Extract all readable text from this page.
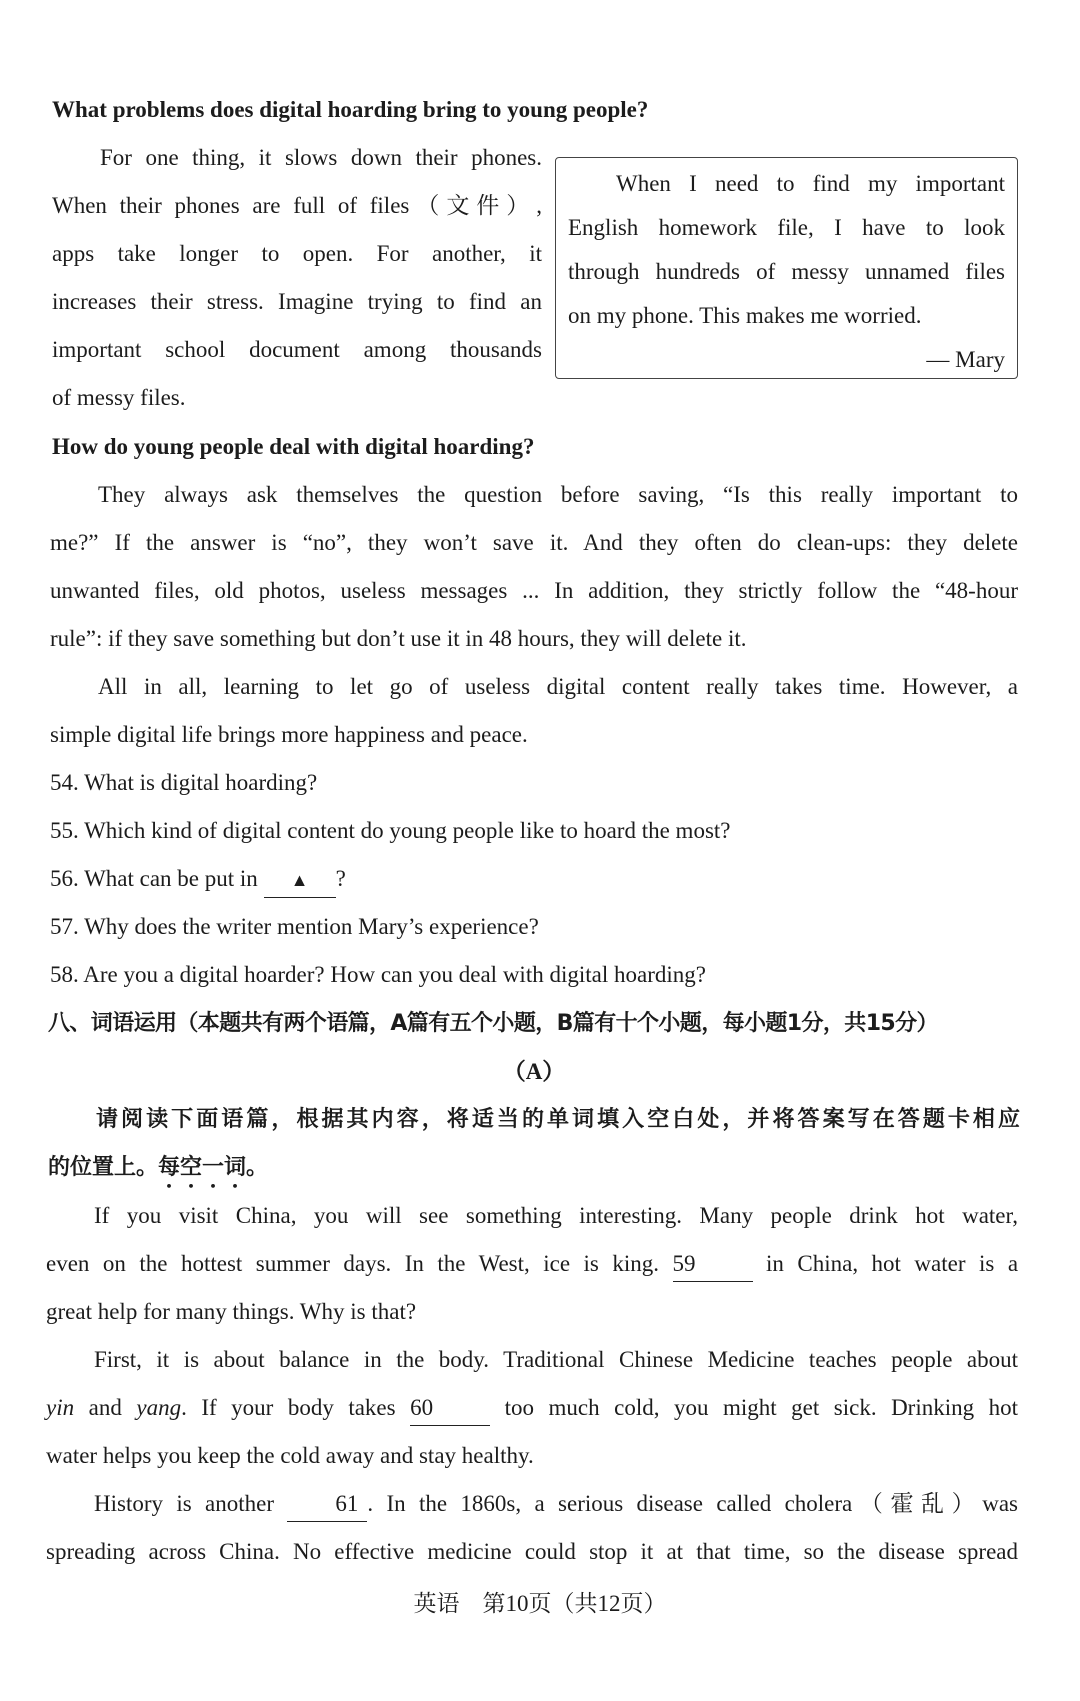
What problems does digital hoarding bring to young people?
For one thing, it slows down their phones.
When their phones are full of files（文件）,
apps take longer to open. For another, it
increases their stress. Imagine trying to find an
important school document among thousands
of messy files.
When I need to find my important
English homework file, I have to look
through hundreds of messy unnamed files
on my phone. This makes me worried.
— Mary
How do young people deal with digital hoarding?
They always ask themselves the question before saving, “Is this really important to
me?” If the answer is “no”, they won’t save it. And they often do clean-ups: they delete
unwanted files, old photos, useless messages ... In addition, they strictly follow the “48-hour
rule”: if they save something but don’t use it in 48 hours, they will delete it.
All in all, learning to let go of useless digital content really takes time. However, a
simple digital life brings more happiness and peace.
54. What is digital hoarding?
55. Which kind of digital content do young people like to hoard the most?
56. What can be put in ▲ ?
57. Why does the writer mention Mary’s experience?
58. Are you a digital hoarder? How can you deal with digital hoarding?
八、词语运用（本题共有两个语篇，A篇有五个小题，B篇有十个小题，每小题1分，共15分）
（A）
请阅读下面语篇，根据其内容，将适当的单词填入空白处，并将答案写在答题卡相应
的位置上。每空一词。
If you visit China, you will see something interesting. Many people drink hot water,
even on the hottest summer days. In the West, ice is king. 59	in China, hot water is a
great help for many things. Why is that?
First, it is about balance in the body. Traditional Chinese Medicine teaches people about
yin and yang. If your body takes 60	too much cold, you might get sick. Drinking hot
water helps you keep the cold away and stay healthy.
History is another	61 . In the 1860s, a serious disease called cholera（霍乱）was
spreading across China. No effective medicine could stop it at that time, so the disease spread
英语　第10页（共12页）
